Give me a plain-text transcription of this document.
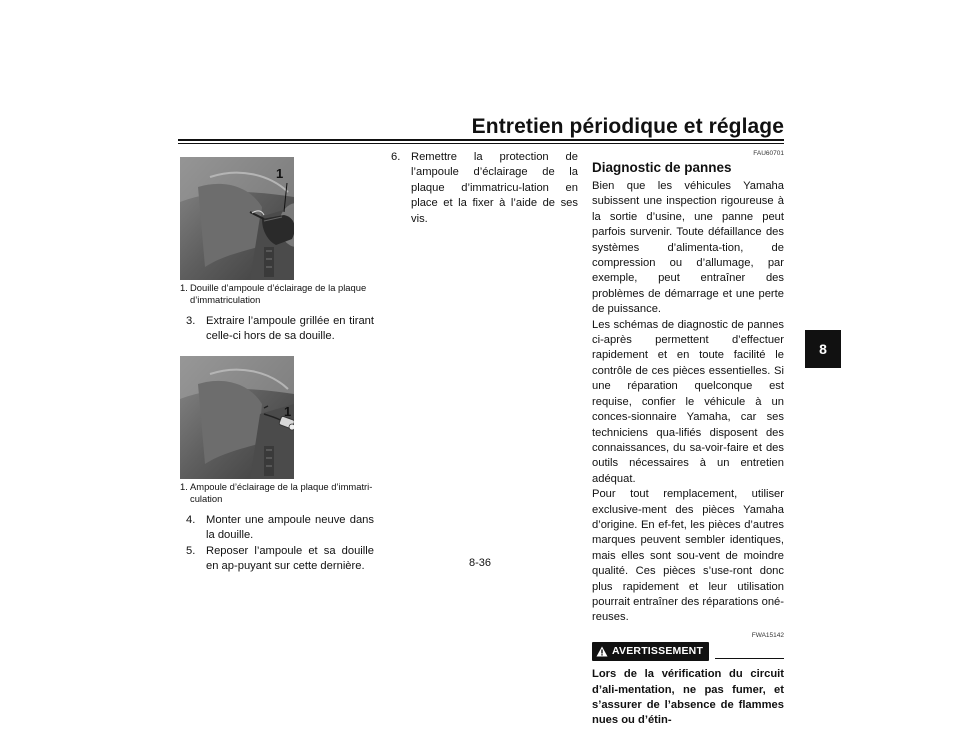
Entretien périodique et réglage
8
1
1. Douille d’ampoule d’éclairage de la plaque d’immatriculation
3. Extraire l’ampoule grillée en tirant celle-ci hors de sa douille.
1
1. Ampoule d’éclairage de la plaque d’immatri-culation
4. Monter une ampoule neuve dans la douille.
5. Reposer l’ampoule et sa douille en ap-puyant sur cette dernière.
6. Remettre la protection de l’ampoule d’éclairage de la plaque d’immatricu-lation en place et la fixer à l’aide de ses vis.
FAU60701
Diagnostic de pannes

Bien que les véhicules Yamaha subissent une inspection rigoureuse à la sortie d’usine, une panne peut parfois survenir. Toute défaillance des systèmes d’alimenta-tion, de compression ou d’allumage, par exemple, peut entraîner des problèmes de démarrage et une perte de puissance.

Les schémas de diagnostic de pannes ci-après permettent d’effectuer rapidement et en toute facilité le contrôle de ces pièces essentielles. Si une réparation quelconque est requise, confier le véhicule à un conces-sionnaire Yamaha, car ses techniciens qua-lifiés disposent des connaissances, du sa-voir-faire et des outils nécessaires à un entretien adéquat.

Pour tout remplacement, utiliser exclusive-ment des pièces Yamaha d’origine. En ef-fet, les pièces d’autres marques peuvent sembler identiques, mais elles sont sou-vent de moindre qualité. Ces pièces s’use-ront donc plus rapidement et leur utilisation pourrait entraîner des réparations oné-reuses.

FWA15142
AVERTISSEMENT

Lors de la vérification du circuit d’ali-mentation, ne pas fumer, et s’assurer de l’absence de flammes nues ou d’étin-

8-36
